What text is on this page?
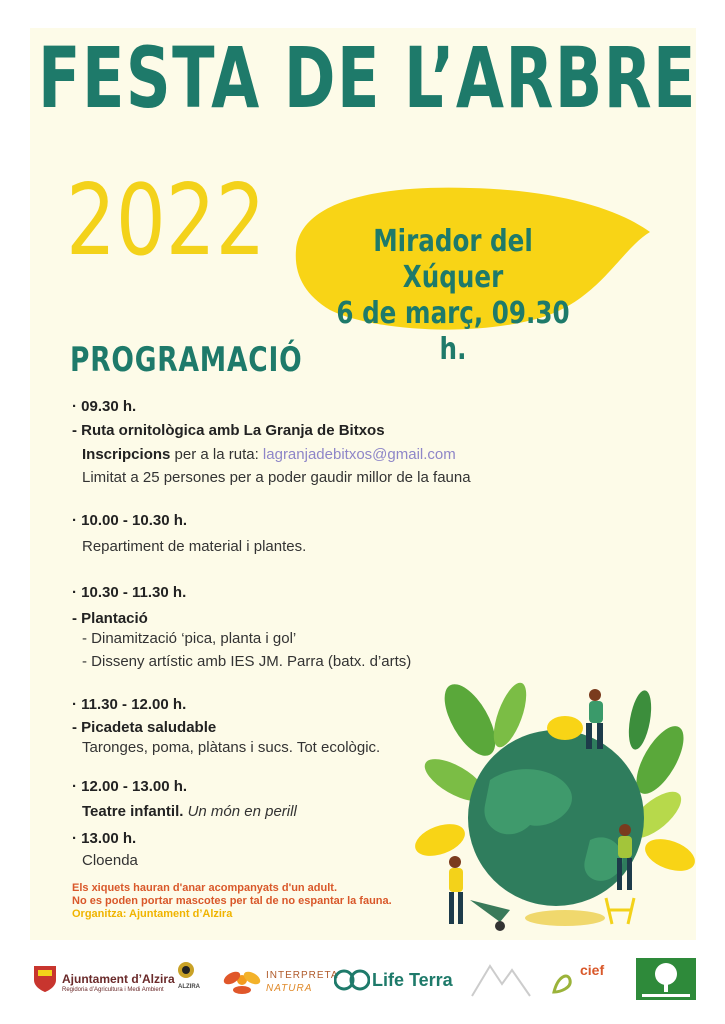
FESTA DE L’ARBRE
2022	Mirador del Xúquer
6 de març, 09.30 h.
PROGRAMACIÓ
· 09.30 h.
- Ruta ornitològica amb La Granja de Bitxos
Inscripcions per a la ruta: lagranjadebitxos@gmail.com
Limitat a 25 persones per a poder gaudir millor de la fauna
· 10.00 - 10.30 h.
Repartiment de material i plantes.
· 10.30 - 11.30 h.
- Plantació
- Dinamització ‘pica, planta i gol’
- Disseny artístic amb IES JM. Parra (batx. d’arts)
· 11.30 - 12.00 h.
- Picadeta saludable
Taronges, poma, plàtans i sucs. Tot ecològic.
· 12.00 - 13.00 h.
Teatre infantil. Un món en perill
· 13.00 h.
Cloenda
Els xiquets hauran d'anar acompanyats d'un adult.
No es poden portar mascotes per tal de no espantar la fauna.
Organitza: Ajuntament d’Alzira
Ajuntament d’Alzira
Regidoria d’Agricultura i Medi Ambient ALZIRA
INTERPRETA
NATURA	Life Terra	cief
